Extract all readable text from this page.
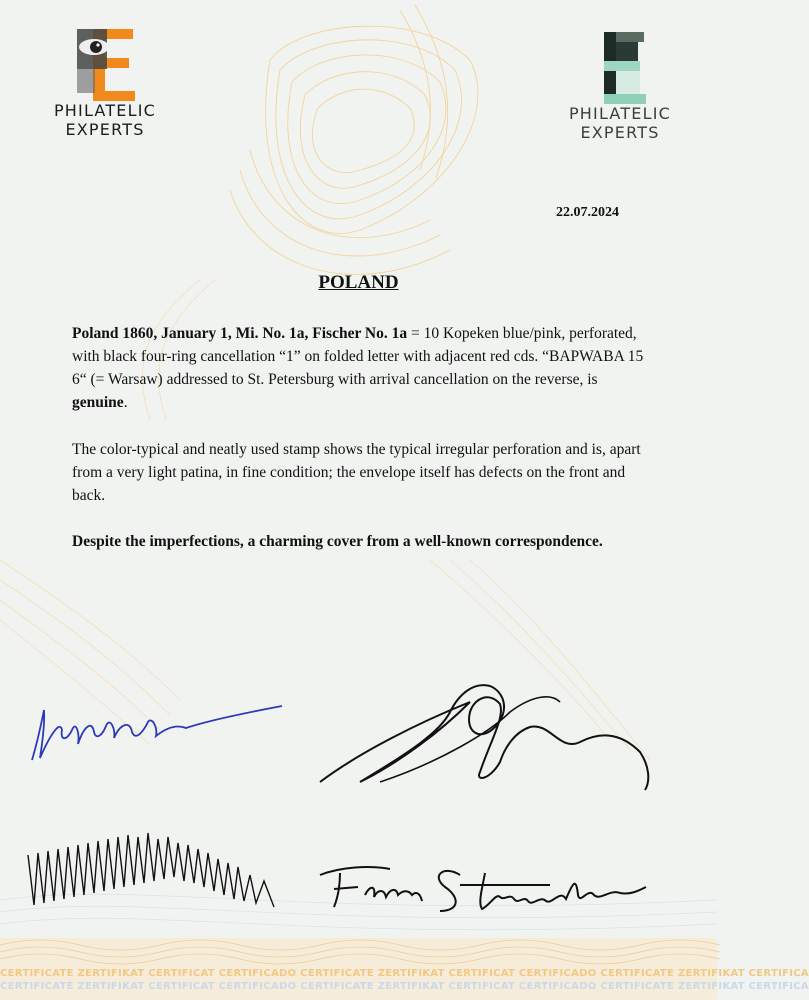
PHILATELIC
EXPERTS
PHILATELIC
EXPERTS
22.07.2024
POLAND

Poland 1860, January 1, Mi. No. 1a, Fischer No. 1a = 10 Kopeken blue/pink, perforated, with black four-ring cancellation “1” on folded letter with adjacent red cds. “BAPWABA 15 6“ (= Warsaw) addressed to St. Petersburg with arrival cancellation on the reverse, is genuine.

The color-typical and neatly used stamp shows the typical irregular perforation and is, apart from a very light patina, in fine condition; the envelope itself has defects on the front and back.

Despite the imperfections, a charming cover from a well-known correspondence.

CERTIFICATE ZERTIFIKAT CERTIFICAT CERTIFICADO CERTIFICATE ZERTIFIKAT CERTIFICAT CERTIFICADO CERTIFICATE ZERTIFIKAT CERTIFICA
CERTIFICATE ZERTIFIKAT CERTIFICAT CERTIFICADO CERTIFICATE ZERTIFIKAT CERTIFICAT CERTIFICADO CERTIFICATE ZERTIFIKAT CERTIFICA
